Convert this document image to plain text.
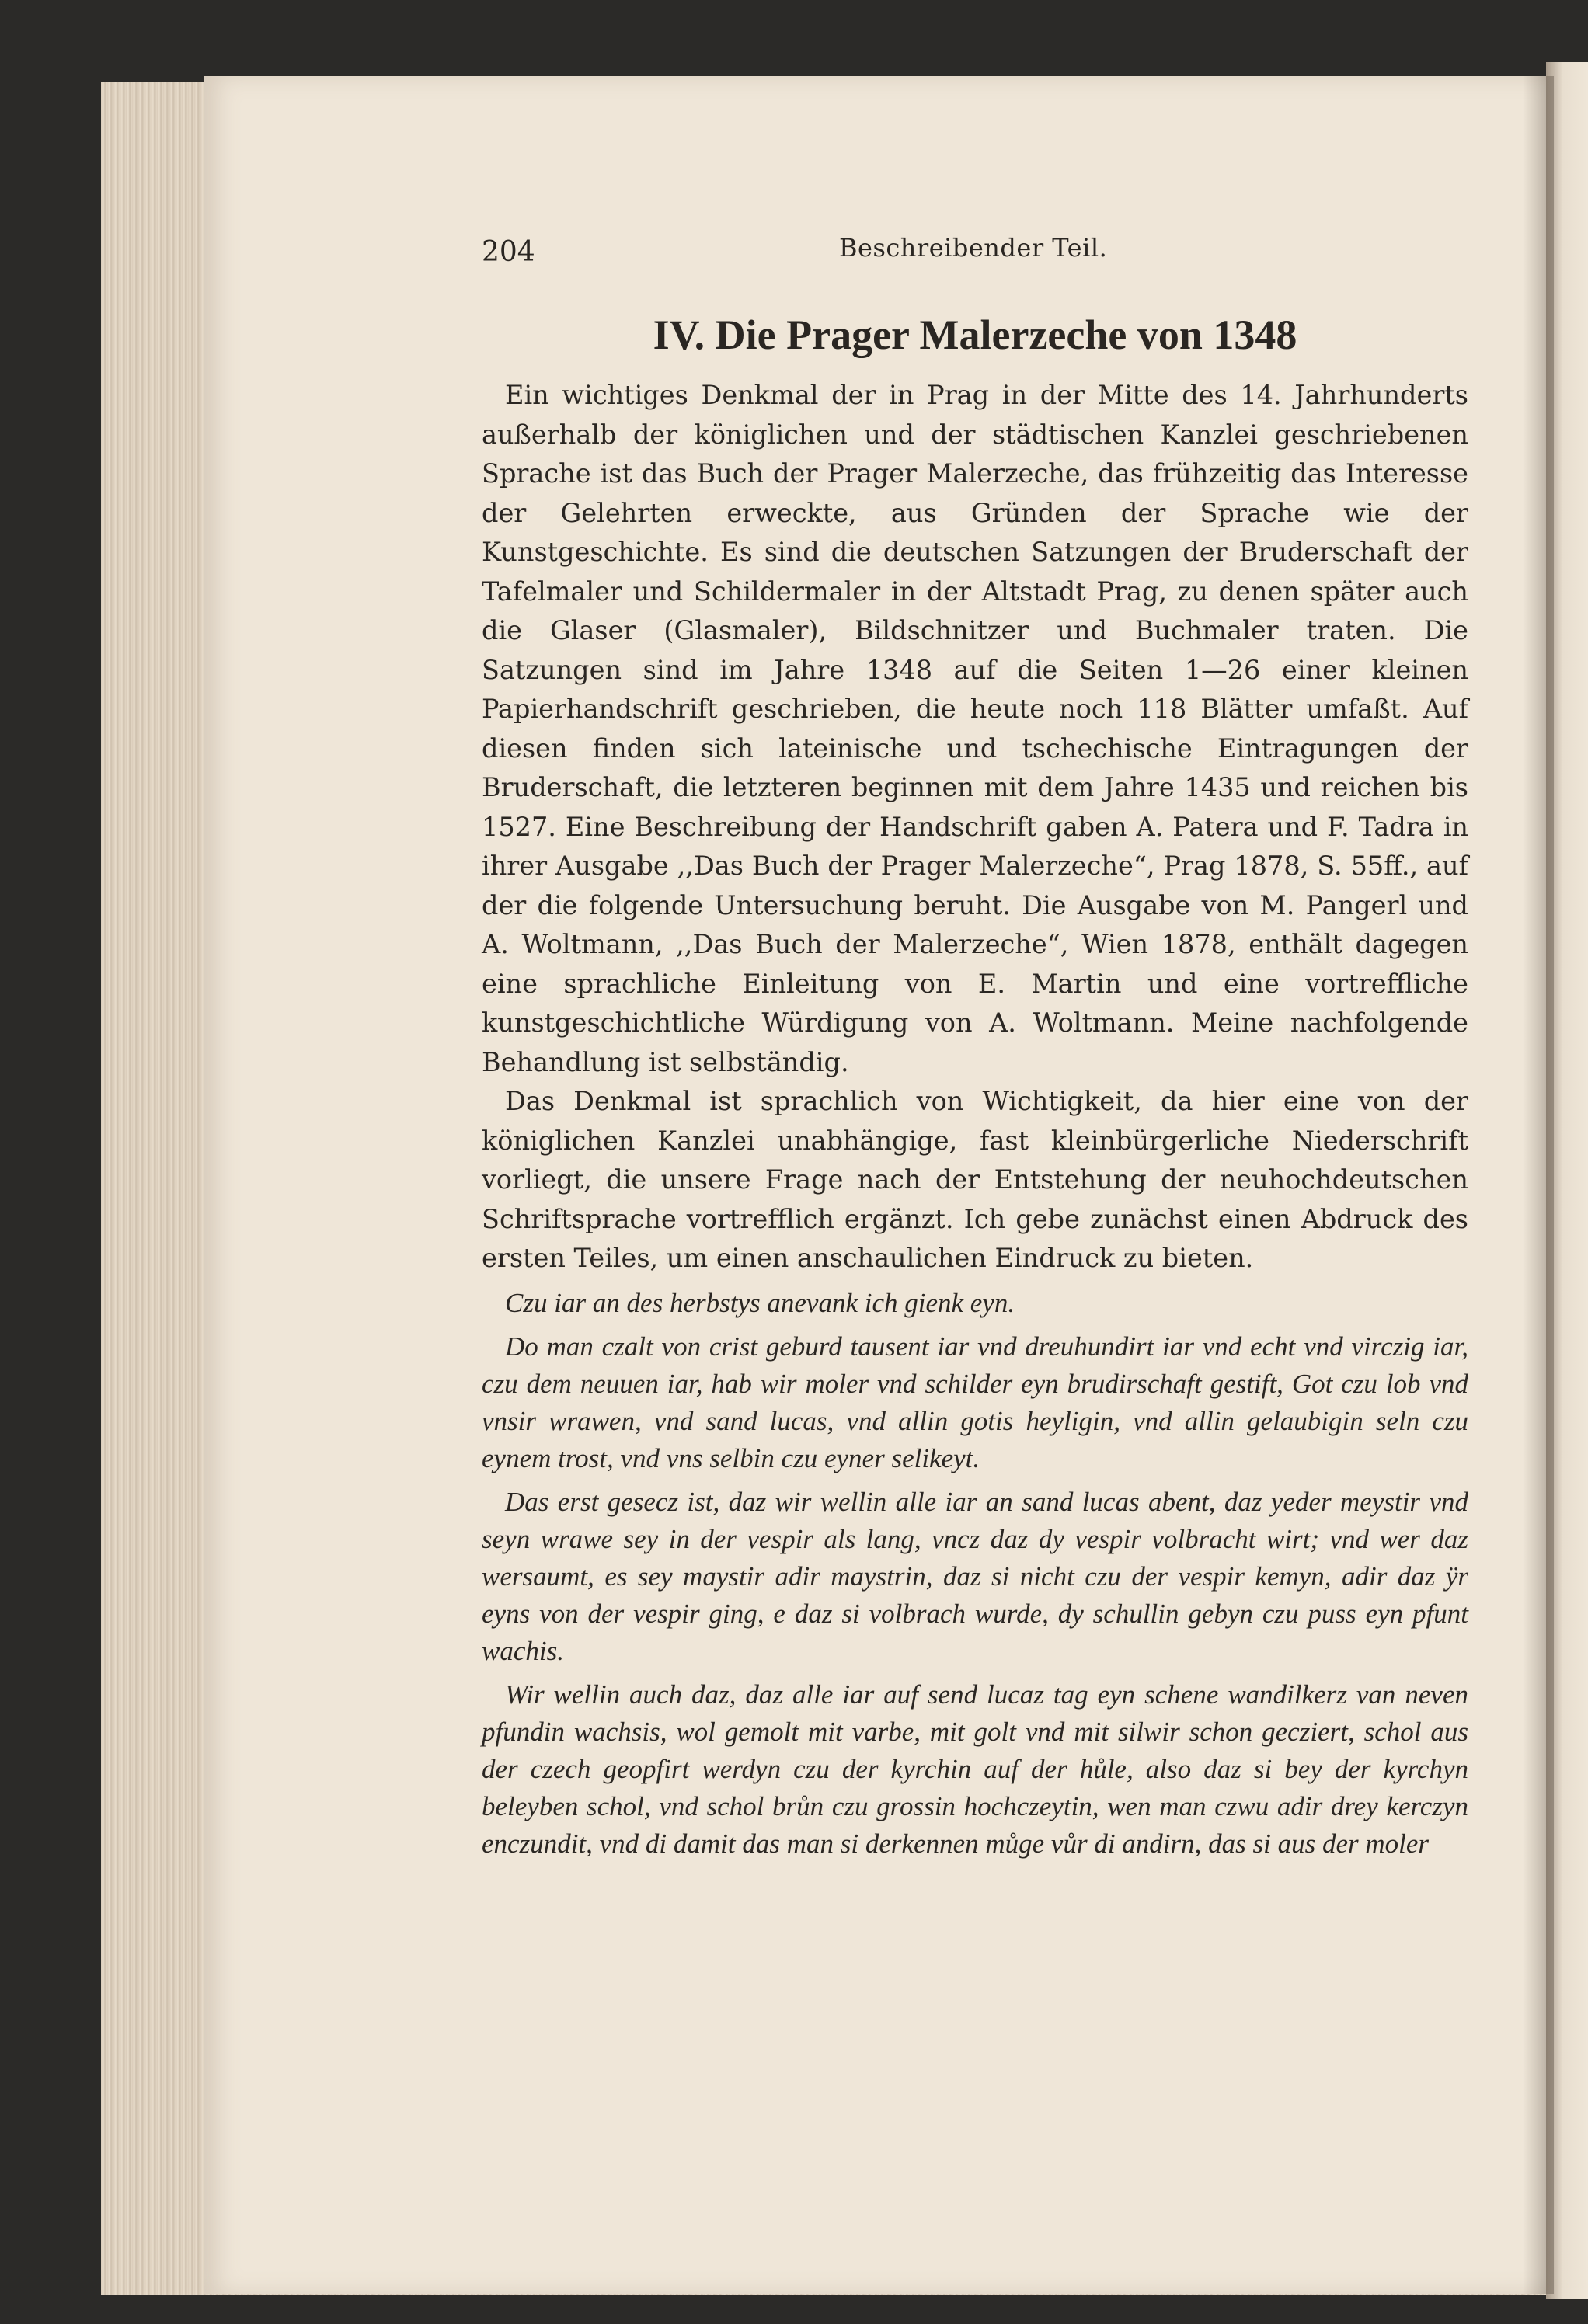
204	Beschreibender Teil.
IV. Die Prager Malerzeche von 1348

Ein wichtiges Denkmal der in Prag in der Mitte des 14. Jahrhunderts außerhalb der königlichen und der städtischen Kanzlei geschriebenen Sprache ist das Buch der Prager Malerzeche, das frühzeitig das Interesse der Gelehrten erweckte, aus Gründen der Sprache wie der Kunstgeschichte. Es sind die deutschen Satzungen der Bruderschaft der Tafelmaler und Schildermaler in der Altstadt Prag, zu denen später auch die Glaser (Glasmaler), Bildschnitzer und Buchmaler traten. Die Satzungen sind im Jahre 1348 auf die Seiten 1—26 einer kleinen Papierhandschrift geschrieben, die heute noch 118 Blätter umfaßt. Auf diesen finden sich lateinische und tschechische Eintragungen der Bruderschaft, die letzteren beginnen mit dem Jahre 1435 und reichen bis 1527. Eine Beschreibung der Handschrift gaben A. Patera und F. Tadra in ihrer Ausgabe ,,Das Buch der Prager Malerzeche“, Prag 1878, S. 55ff., auf der die folgende Untersuchung beruht. Die Ausgabe von M. Pangerl und A. Woltmann, ,,Das Buch der Malerzeche“, Wien 1878, enthält dagegen eine sprachliche Einleitung von E. Martin und eine vortreffliche kunstgeschichtliche Würdigung von A. Woltmann. Meine nachfolgende Behandlung ist selbständig.

Das Denkmal ist sprachlich von Wichtigkeit, da hier eine von der königlichen Kanzlei unabhängige, fast kleinbürgerliche Niederschrift vorliegt, die unsere Frage nach der Entstehung der neuhochdeutschen Schriftsprache vortrefflich ergänzt. Ich gebe zunächst einen Abdruck des ersten Teiles, um einen anschaulichen Eindruck zu bieten.

Czu iar an des herbstys anevank ich gienk eyn.

Do man czalt von crist geburd tausent iar vnd dreuhundirt iar vnd echt vnd virczig iar, czu dem neuuen iar, hab wir moler vnd schilder eyn brudirschaft gestift, Got czu lob vnd vnsir wrawen, vnd sand lucas, vnd allin gotis heyligin, vnd allin gelaubigin seln czu eynem trost, vnd vns selbin czu eyner selikeyt.

Das erst gesecz ist, daz wir wellin alle iar an sand lucas abent, daz yeder meystir vnd seyn wrawe sey in der vespir als lang, vncz daz dy vespir volbracht wirt; vnd wer daz wersaumt, es sey maystir adir maystrin, daz si nicht czu der vespir kemyn, adir daz ÿr eyns von der vespir ging, e daz si volbrach wurde, dy schullin gebyn czu puss eyn pfunt wachis.

Wir wellin auch daz, daz alle iar auf send lucaz tag eyn schene wandilkerz van neven pfundin wachsis, wol gemolt mit varbe, mit golt vnd mit silwir schon gecziert, schol aus der czech geopfirt werdyn czu der kyrchin auf der hůle, also daz si bey der kyrchyn beleyben schol, vnd schol brůn czu grossin hochczeytin, wen man czwu adir drey kerczyn enczundit, vnd di damit das man si derkennen můge vůr di andirn, das si aus der moler
